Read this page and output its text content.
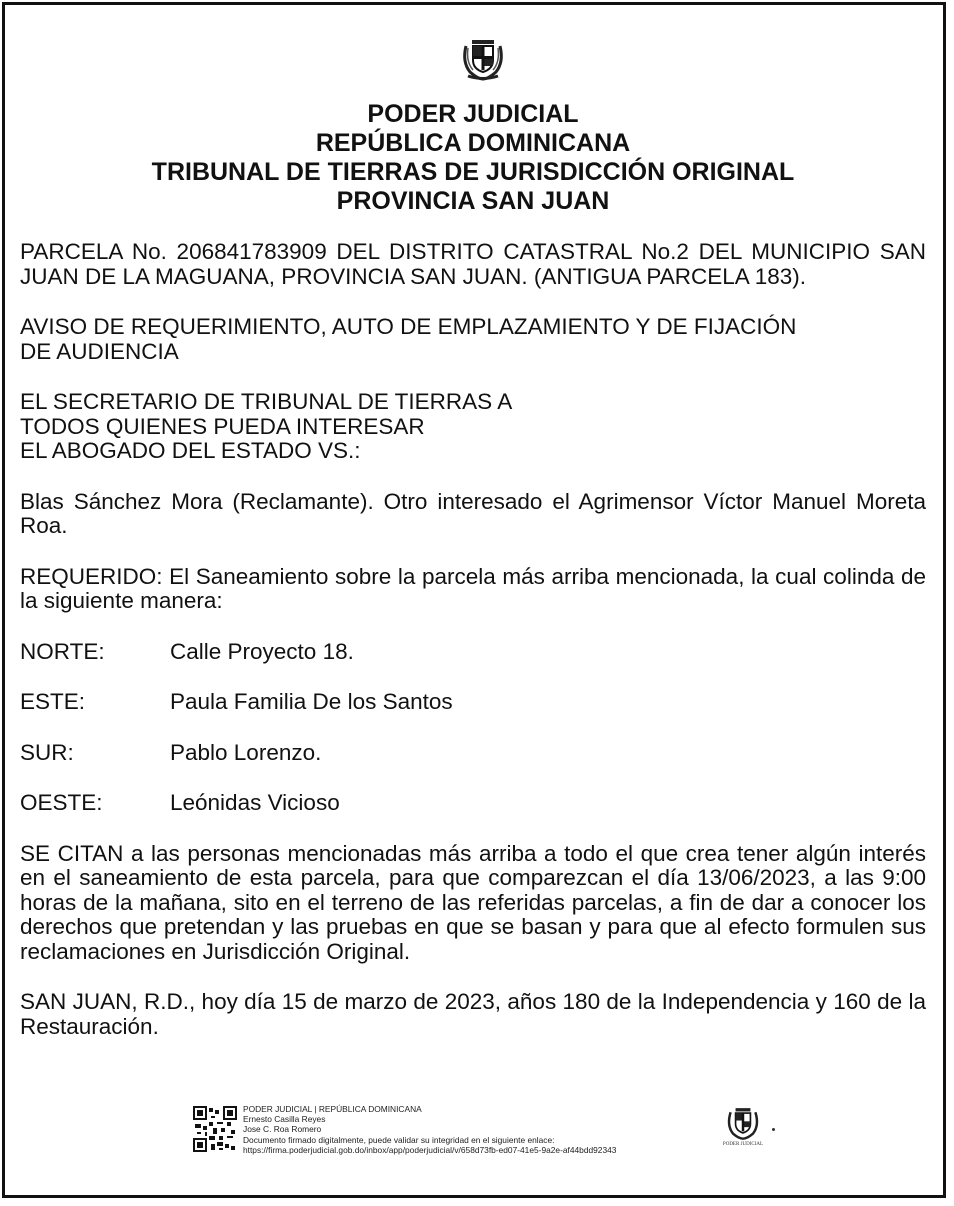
PODER JUDICIAL
REPÚBLICA DOMINICANA
TRIBUNAL DE TIERRAS DE JURISDICCIÓN ORIGINAL
PROVINCIA SAN JUAN

PARCELA No. 206841783909 DEL DISTRITO CATASTRAL No.2 DEL MUNICIPIO SAN JUAN DE LA MAGUANA, PROVINCIA SAN JUAN. (ANTIGUA PARCELA 183).

AVISO DE REQUERIMIENTO, AUTO DE EMPLAZAMIENTO Y DE FIJACIÓN
DE AUDIENCIA
EL SECRETARIO DE TRIBUNAL DE TIERRAS A
TODOS QUIENES PUEDA INTERESAR
EL ABOGADO DEL ESTADO VS.:

Blas Sánchez Mora (Reclamante). Otro interesado el Agrimensor Víctor Manuel Moreta Roa.

REQUERIDO: El Saneamiento sobre la parcela más arriba mencionada, la cual colinda de la siguiente manera:

NORTE:	Calle Proyecto 18.
ESTE:	Paula Familia De los Santos
SUR:	Pablo Lorenzo.
OESTE:	Leónidas Vicioso

SE CITAN a las personas mencionadas más arriba a todo el que crea tener algún interés en el saneamiento de esta parcela, para que comparezcan el día 13/06/2023, a las 9:00 horas de la mañana, sito en el terreno de las referidas parcelas, a fin de dar a conocer los derechos que pretendan y las pruebas en que se basan y para que al efecto formulen sus reclamaciones en Jurisdicción Original.

SAN JUAN, R.D., hoy día 15 de marzo de 2023, años 180 de la Independencia y 160 de la Restauración.

PODER JUDICIAL | REPÚBLICA DOMINICANA
Ernesto Casilla Reyes
Jose C. Roa Romero
Documento firmado digitalmente, puede validar su integridad en el siguiente enlace:
https://firma.poderjudicial.gob.do/inbox/app/poderjudicial/v/658d73fb-ed07-41e5-9a2e-af44bdd92343
PODER JUDICIAL
